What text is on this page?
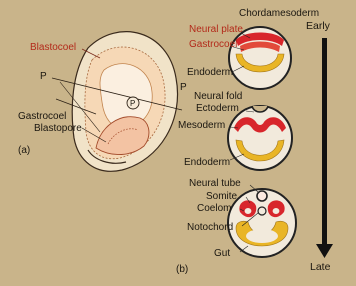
Blastocoel
P
P
P
Gastrocoel
Blastopore
(a)
Early
Late
Chordamesoderm
Neural plate
Gastrocoel
Endoderm
Neural fold
Ectoderm
Mesoderm
Endoderm
Neural tube
Somite
Coelom
Notochord
Gut
(b)
